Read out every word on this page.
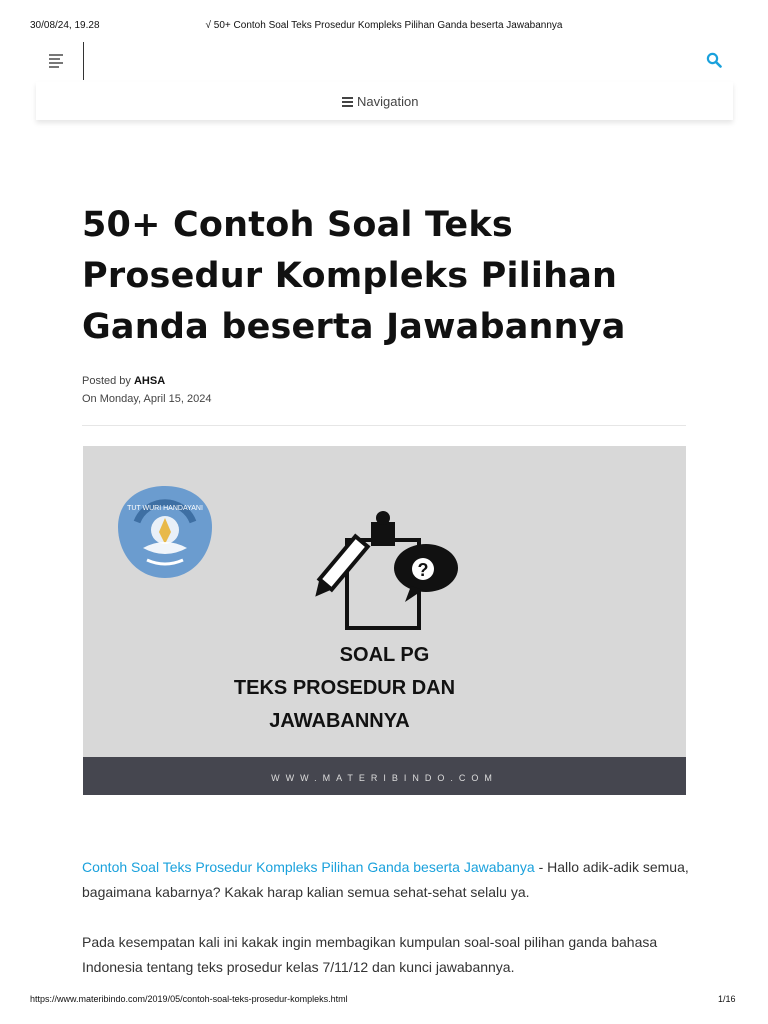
30/08/24, 19.28	√ 50+ Contoh Soal Teks Prosedur Kompleks Pilihan Ganda beserta Jawabannya
Navigation
50+ Contoh Soal Teks Prosedur Kompleks Pilihan Ganda beserta Jawabannya
Posted by AHSA
On Monday, April 15, 2024
TUT WURI HANDAYANI
?
SOAL PG
TEKS PROSEDUR DAN
JAWABANNYA
WWW.MATERIBINDO.COM

Contoh Soal Teks Prosedur Kompleks Pilihan Ganda beserta Jawabanya - Hallo adik-adik semua, bagaimana kabarnya? Kakak harap kalian semua sehat-sehat selalu ya.

Pada kesempatan kali ini kakak ingin membagikan kumpulan soal-soal pilihan ganda bahasa Indonesia tentang teks prosedur kelas 7/11/12 dan kunci jawabannya.

https://www.materibindo.com/2019/05/contoh-soal-teks-prosedur-kompleks.html	1/16
